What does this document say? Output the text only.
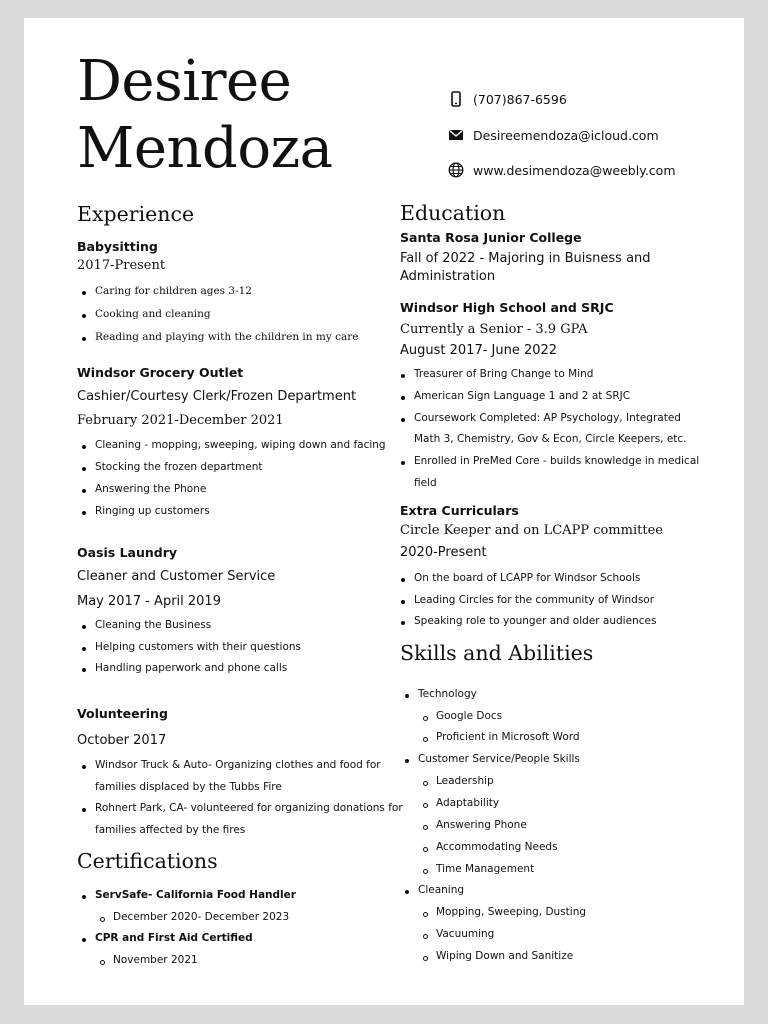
Desiree
Mendoza
(707)867-6596
Desireemendoza@icloud.com
www.desimendoza@weebly.com
Experience
Babysitting
2017-Present
Caring for children ages 3-12
Cooking and cleaning
Reading and playing with the children in my care
Windsor Grocery Outlet
Cashier/Courtesy Clerk/Frozen Department
February 2021-December 2021
Cleaning - mopping, sweeping, wiping down and facing
Stocking the frozen department
Answering the Phone
Ringing up customers
Oasis Laundry
Cleaner and Customer Service
May 2017 - April 2019
Cleaning the Business
Helping customers with their questions
Handling paperwork and phone calls
Volunteering
October 2017
Windsor Truck & Auto- Organizing clothes and food for
families displaced by the Tubbs Fire
Rohnert Park, CA- volunteered for organizing donations for
families affected by the fires
Certifications
ServSafe- California Food Handler
December 2020- December 2023
CPR and First Aid Certified
November 2021
Education
Santa Rosa Junior College
Fall of 2022 - Majoring in Buisness and
Administration
Windsor High School and SRJC
Currently a Senior - 3.9 GPA
August 2017- June 2022
Treasurer of Bring Change to Mind
American Sign Language 1 and 2 at SRJC
Coursework Completed: AP Psychology, Integrated
Math 3, Chemistry, Gov & Econ, Circle Keepers, etc.
Enrolled in PreMed Core - builds knowledge in medical
field
Extra Curriculars
Circle Keeper and on LCAPP committee
2020-Present
On the board of LCAPP for Windsor Schools
Leading Circles for the community of Windsor
Speaking role to younger and older audiences
Skills and Abilities
Technology
Google Docs
Proficient in Microsoft Word
Customer Service/People Skills
Leadership
Adaptability
Answering Phone
Accommodating Needs
Time Management
Cleaning
Mopping, Sweeping, Dusting
Vacuuming
Wiping Down and Sanitize
